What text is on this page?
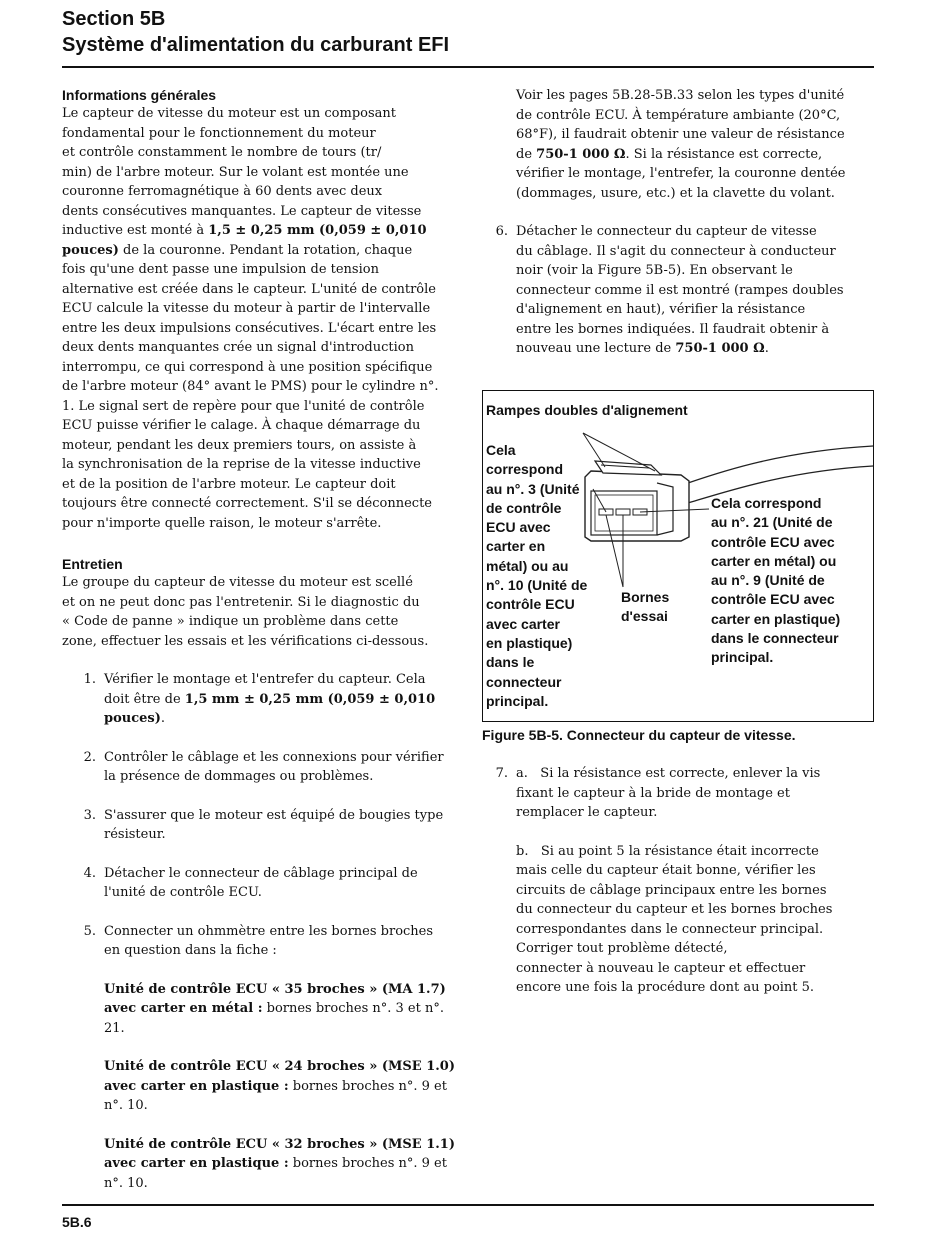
Section 5B
Système d'alimentation du carburant EFI

Informations générales

Le capteur de vitesse du moteur est un composant

fondamental pour le fonctionnement du moteur

et contrôle constamment le nombre de tours (tr/

min) de l'arbre moteur. Sur le volant est montée une

couronne ferromagnétique à 60 dents avec deux

dents consécutives manquantes. Le capteur de vitesse

inductive est monté à 1,5 ± 0,25 mm (0,059 ± 0,010

pouces) de la couronne. Pendant la rotation, chaque

fois qu'une dent passe une impulsion de tension

alternative est créée dans le capteur. L'unité de contrôle

ECU calcule la vitesse du moteur à partir de l'intervalle

entre les deux impulsions consécutives. L'écart entre les

deux dents manquantes crée un signal d'introduction

interrompu, ce qui correspond à une position spécifique

de l'arbre moteur (84° avant le PMS) pour le cylindre n°.

1. Le signal sert de repère pour que l'unité de contrôle

ECU puisse vérifier le calage. À chaque démarrage du

moteur, pendant les deux premiers tours, on assiste à

la synchronisation de la reprise de la vitesse inductive

et de la position de l'arbre moteur. Le capteur doit

toujours être connecté correctement. S'il se déconnecte

pour n'importe quelle raison, le moteur s'arrête.

Entretien

Le groupe du capteur de vitesse du moteur est scellé

et on ne peut donc pas l'entretenir. Si le diagnostic du

« Code de panne » indique un problème dans cette

zone, effectuer les essais et les vérifications ci-dessous.

1. Vérifier le montage et l'entrefer du capteur. Cela

doit être de 1,5 mm ± 0,25 mm (0,059 ± 0,010

pouces).

2. Contrôler le câblage et les connexions pour vérifier

la présence de dommages ou problèmes.

3. S'assurer que le moteur est équipé de bougies type

résisteur.

4. Détacher le connecteur de câblage principal de

l'unité de contrôle ECU.

5. Connecter un ohmmètre entre les bornes broches

en question dans la fiche :

Unité de contrôle ECU « 35 broches » (MA 1.7)

avec carter en métal : bornes broches n°. 3 et n°. 21.

Unité de contrôle ECU « 24 broches » (MSE 1.0)

avec carter en plastique : bornes broches n°. 9 et

n°. 10.

Unité de contrôle ECU « 32 broches » (MSE 1.1)

avec carter en plastique : bornes broches n°. 9 et

n°. 10.

Voir les pages 5B.28-5B.33 selon les types d'unité

de contrôle ECU. À température ambiante (20°C,

68°F), il faudrait obtenir une valeur de résistance

de 750-1 000 Ω. Si la résistance est correcte,

vérifier le montage, l'entrefer, la couronne dentée

(dommages, usure, etc.) et la clavette du volant.

6. Détacher le connecteur du capteur de vitesse

du câblage. Il s'agit du connecteur à conducteur

noir (voir la Figure 5B-5). En observant le

connecteur comme il est montré (rampes doubles

d'alignement en haut), vérifier la résistance

entre les bornes indiquées. Il faudrait obtenir à

nouveau une lecture de 750-1 000 Ω.

Rampes doubles d'alignement
Cela
correspond
au n°. 3 (Unité
de contrôle
ECU avec
carter en
métal) ou au
n°. 10 (Unité de
contrôle ECU
avec carter
en plastique)
dans le
connecteur
principal.
Bornes
d'essai
Cela correspond
au n°. 21 (Unité de
contrôle ECU avec
carter en métal) ou
au n°. 9 (Unité de
contrôle ECU avec
carter en plastique)
dans le connecteur
principal.
Figure 5B-5. Connecteur du capteur de vitesse.
7. a. Si la résistance est correcte, enlever la vis

fixant le capteur à la bride de montage et

remplacer le capteur.

b. Si au point 5 la résistance était incorrecte

mais celle du capteur était bonne, vérifier les

circuits de câblage principaux entre les bornes

du connecteur du capteur et les bornes broches

correspondantes dans le connecteur principal.

Corriger tout problème détecté,

connecter à nouveau le capteur et effectuer

encore une fois la procédure dont au point 5.

5B.6
